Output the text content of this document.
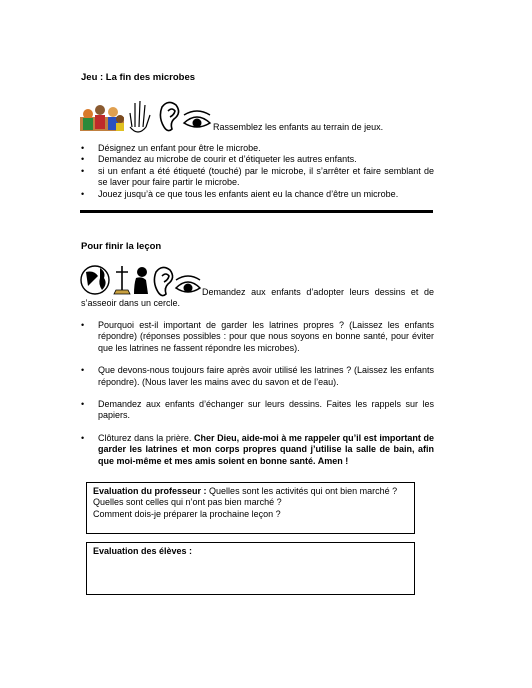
Jeu : La fin des microbes
Rassemblez les enfants au terrain de jeux.
• Désignez un enfant pour être le microbe.
• Demandez au microbe de courir et d’étiqueter les autres enfants.
• si un enfant a été étiqueté (touché) par le microbe, il s’arrêter et faire semblant de se laver pour faire partir le microbe.
• Jouez jusqu’à ce que tous les enfants aient eu la chance d’être un microbe.
Pour finir la leçon
Demandez aux enfants d’adopter leurs dessins et de s’asseoir dans un cercle.
• Pourquoi est-il important de garder les latrines propres ? (Laissez les enfants répondre) (réponses possibles : pour que nous soyons en bonne santé, pour éviter que les latrines ne fassent répondre les microbes).
• Que devons-nous toujours faire après avoir utilisé les latrines ? (Laissez les enfants répondre). (Nous laver les mains avec du savon et de l’eau).
• Demandez aux enfants d’échanger sur leurs dessins. Faites les rappels sur les papiers.
• Clôturez dans la prière. Cher Dieu, aide-moi à me rappeler qu’il est important de garder les latrines et mon corps propres quand j’utilise la salle de bain, afin que moi-même et mes amis soient en bonne santé. Amen !
Evaluation du professeur : Quelles sont les activités qui ont bien marché ? Quelles sont celles qui n’ont pas bien marché ?
Comment dois-je préparer la prochaine leçon ?
Evaluation des élèves :
